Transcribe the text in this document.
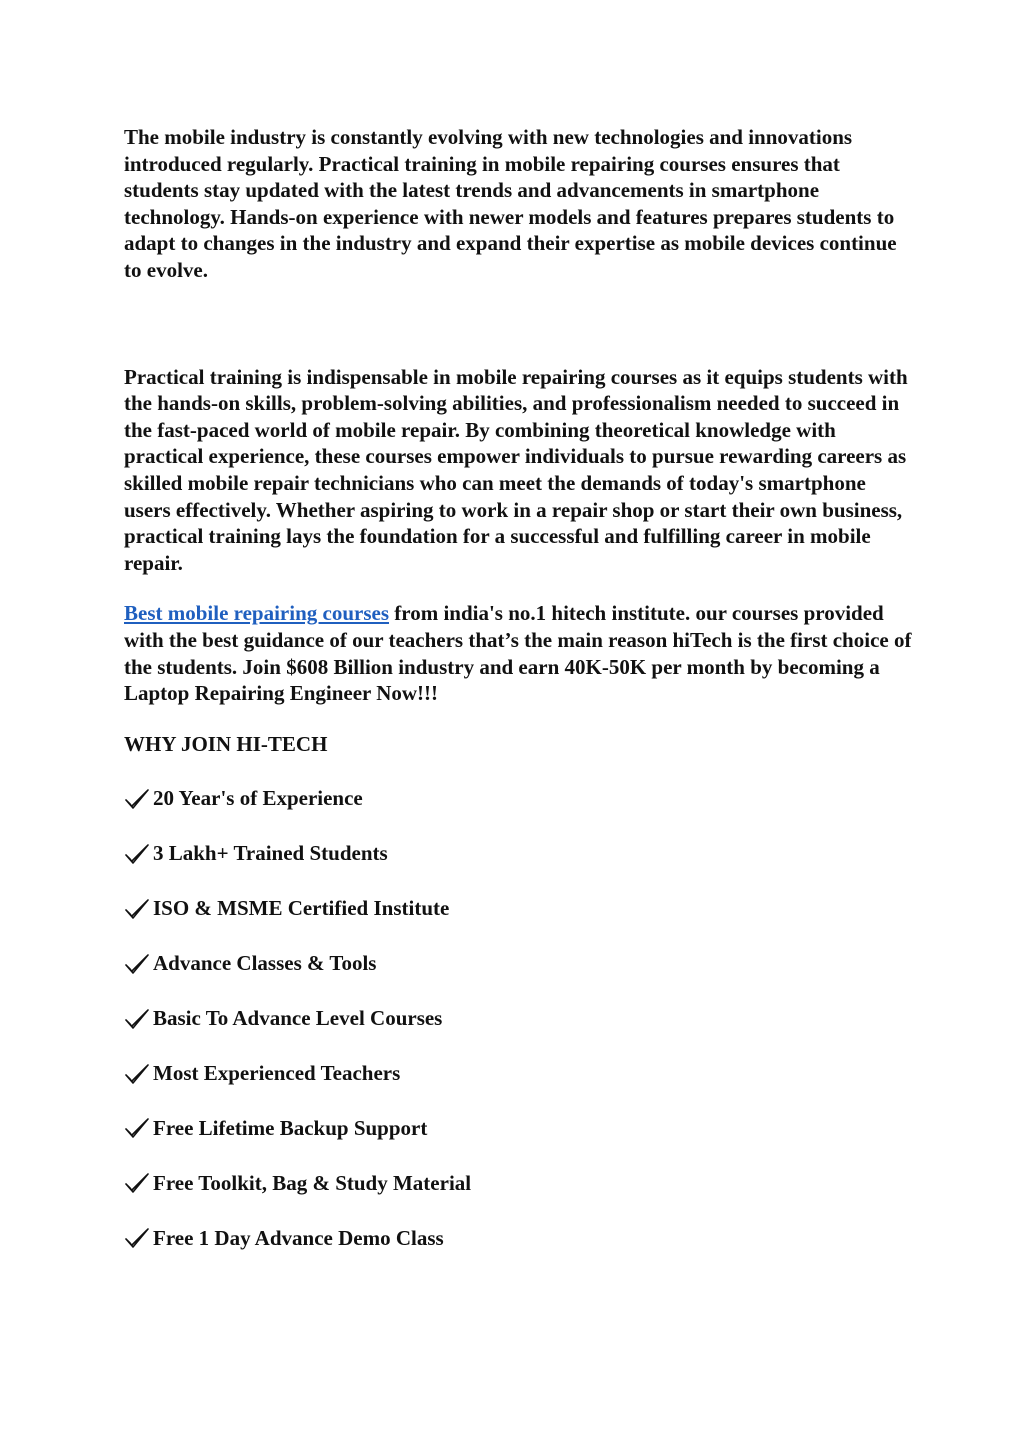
The mobile industry is constantly evolving with new technologies and innovations introduced regularly. Practical training in mobile repairing courses ensures that students stay updated with the latest trends and advancements in smartphone technology. Hands-on experience with newer models and features prepares students to adapt to changes in the industry and expand their expertise as mobile devices continue to evolve.

Practical training is indispensable in mobile repairing courses as it equips students with the hands-on skills, problem-solving abilities, and professionalism needed to succeed in the fast-paced world of mobile repair. By combining theoretical knowledge with practical experience, these courses empower individuals to pursue rewarding careers as skilled mobile repair technicians who can meet the demands of today's smartphone users effectively. Whether aspiring to work in a repair shop or start their own business, practical training lays the foundation for a successful and fulfilling career in mobile repair.

Best mobile repairing courses from india's no.1 hitech institute. our courses provided with the best guidance of our teachers that’s the main reason hiTech is the first choice of the students. Join $608 Billion industry and earn 40K-50K per month by becoming a Laptop Repairing Engineer Now!!!

WHY JOIN HI-TECH
20 Year's of Experience
3 Lakh+ Trained Students
ISO & MSME Certified Institute
Advance Classes & Tools
Basic To Advance Level Courses
Most Experienced Teachers
Free Lifetime Backup Support
Free Toolkit, Bag & Study Material
Free 1 Day Advance Demo Class
